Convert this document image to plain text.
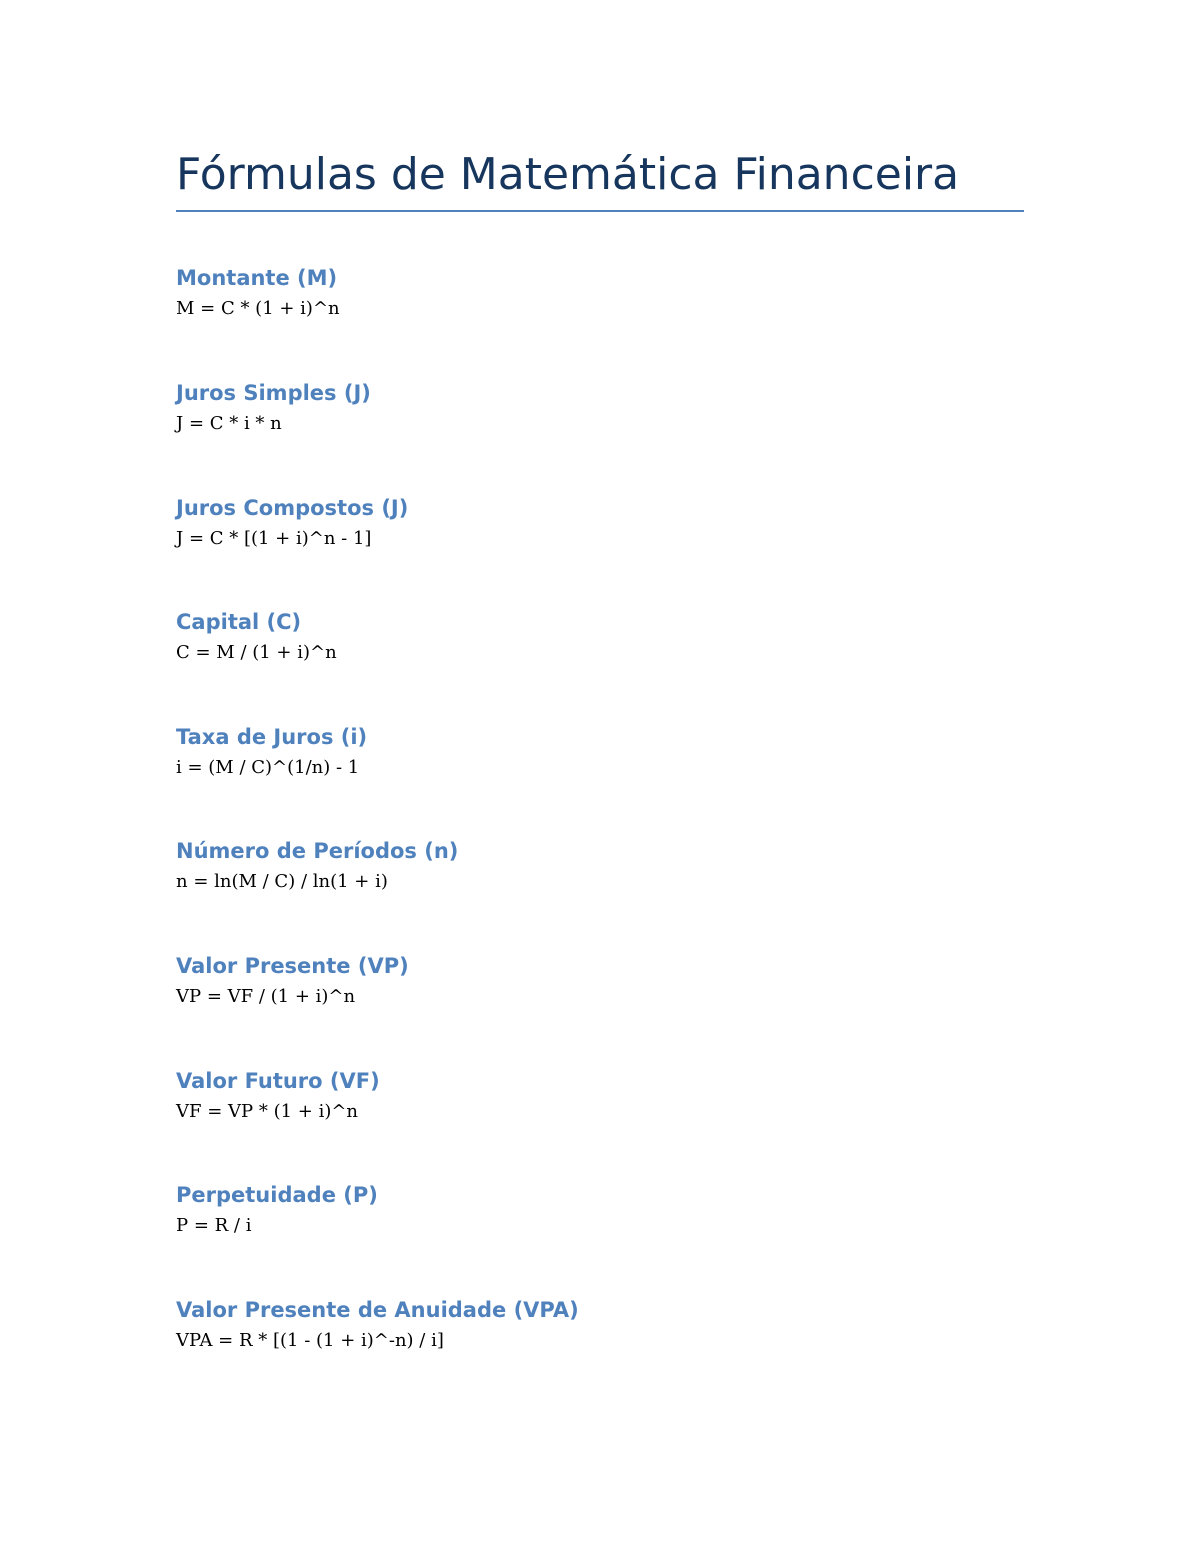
Fórmulas de Matemática Financeira
Montante (M)

M = C * (1 + i)^n

Juros Simples (J)

J = C * i * n

Juros Compostos (J)

J = C * [(1 + i)^n - 1]

Capital (C)

C = M / (1 + i)^n

Taxa de Juros (i)

i = (M / C)^(1/n) - 1

Número de Períodos (n)

n = ln(M / C) / ln(1 + i)

Valor Presente (VP)

VP = VF / (1 + i)^n

Valor Futuro (VF)

VF = VP * (1 + i)^n

Perpetuidade (P)

P = R / i

Valor Presente de Anuidade (VPA)

VPA = R * [(1 - (1 + i)^-n) / i]
